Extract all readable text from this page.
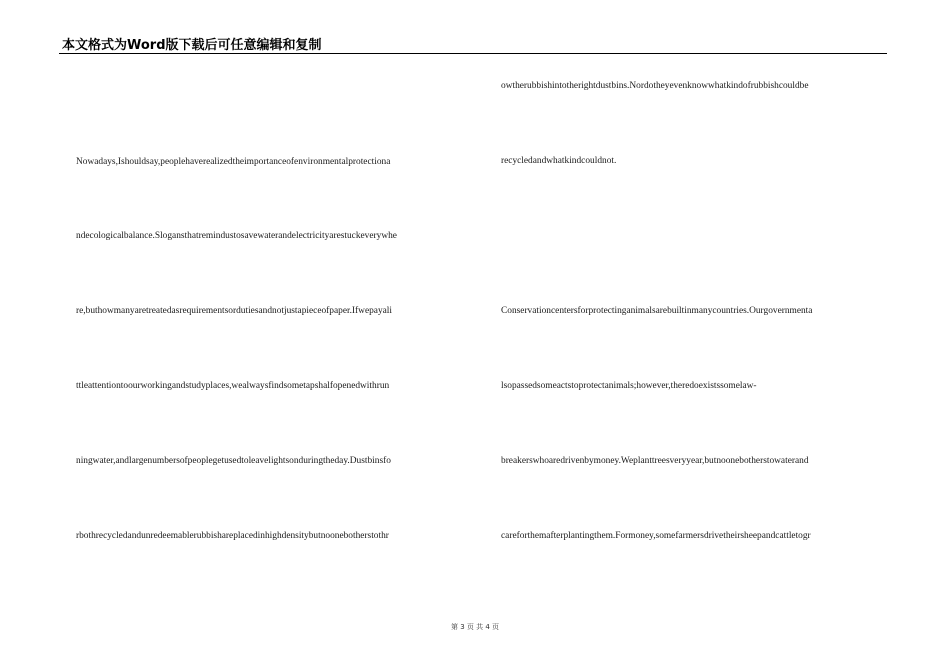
本文格式为Word版下载后可任意编辑和复制
Nowadays,Ishouldsay,peoplehaverealizedtheimportanceofenvironmentalprotectiona
ndecologicalbalance.Slogansthatremindustosavewaterandelectricityarestuckeverywhe
re,buthowmanyaretreatedasrequirementsordutiesandnotjustapieceofpaper.Ifwepayali
ttleattentiontoourworkingandstudyplaces,wealwaysfindsometapshalfopenedwithrun
ningwater,andlargenumbersofpeoplegetusedtoleavelightsonduringtheday.Dustbinsfo
rbothrecycledandunredeemablerubbishareplacedinhighdensitybutnoonebotherstothr
owtherubbishintotherightdustbins.Nordotheyevenknowwhatkindofrubbishcouldbe
recycledandwhatkindcouldnot.
Conservationcentersforprotectinganimalsarebuiltinmanycountries.Ourgovernmenta
lsopassedsomeactstoprotectanimals;however,theredoexistssomelaw-
breakerswhoaredrivenbymoney.Weplanttreesveryyear,butnoonebotherstowaterand
careforthemafterplantingthem.Formoney,somefarmersdrivetheirsheepandcattletogr
第 3 页 共 4 页
